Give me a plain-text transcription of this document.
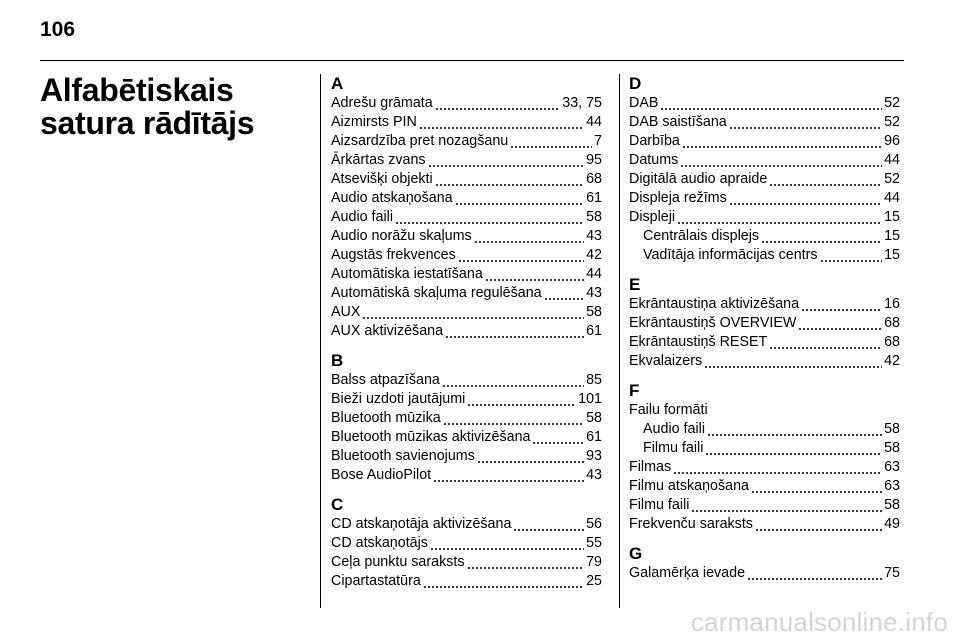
106
Alfabētiskais satura rādītājs
A
Adrešu grāmata	33, 75
Aizmirsts PIN	44
Aizsardzība pret nozagšanu	7
Ārkārtas zvans	95
Atsevišķi objekti	68
Audio atskaņošana	61
Audio faili	58
Audio norāžu skaļums	43
Augstās frekvences	42
Automātiska iestatīšana	44
Automātiskā skaļuma regulēšana	43
AUX	58
AUX aktivizēšana	61
B
Balss atpazīšana	85
Bieži uzdoti jautājumi	101
Bluetooth mūzika	58
Bluetooth mūzikas aktivizēšana	61
Bluetooth savienojums	93
Bose AudioPilot	43
C
CD atskaņotāja aktivizēšana	56
CD atskaņotājs	55
Ceļa punktu saraksts	79
Cipartastatūra	25
D
DAB	52
DAB saistīšana	52
Darbība	96
Datums	44
Digitālā audio apraide	52
Displeja režīms	44
Displeji	15
Centrālais displejs	15
Vadītāja informācijas centrs	15
E
Ekrāntaustiņa aktivizēšana	16
Ekrāntaustiņš OVERVIEW	68
Ekrāntaustiņš RESET	68
Ekvalaizers	42
F
Failu formāti
Audio faili	58
Filmu faili	58
Filmas	63
Filmu atskaņošana	63
Filmu faili	58
Frekvenču saraksts	49
G
Galamērķa ievade	75
carmanualsonline.info
